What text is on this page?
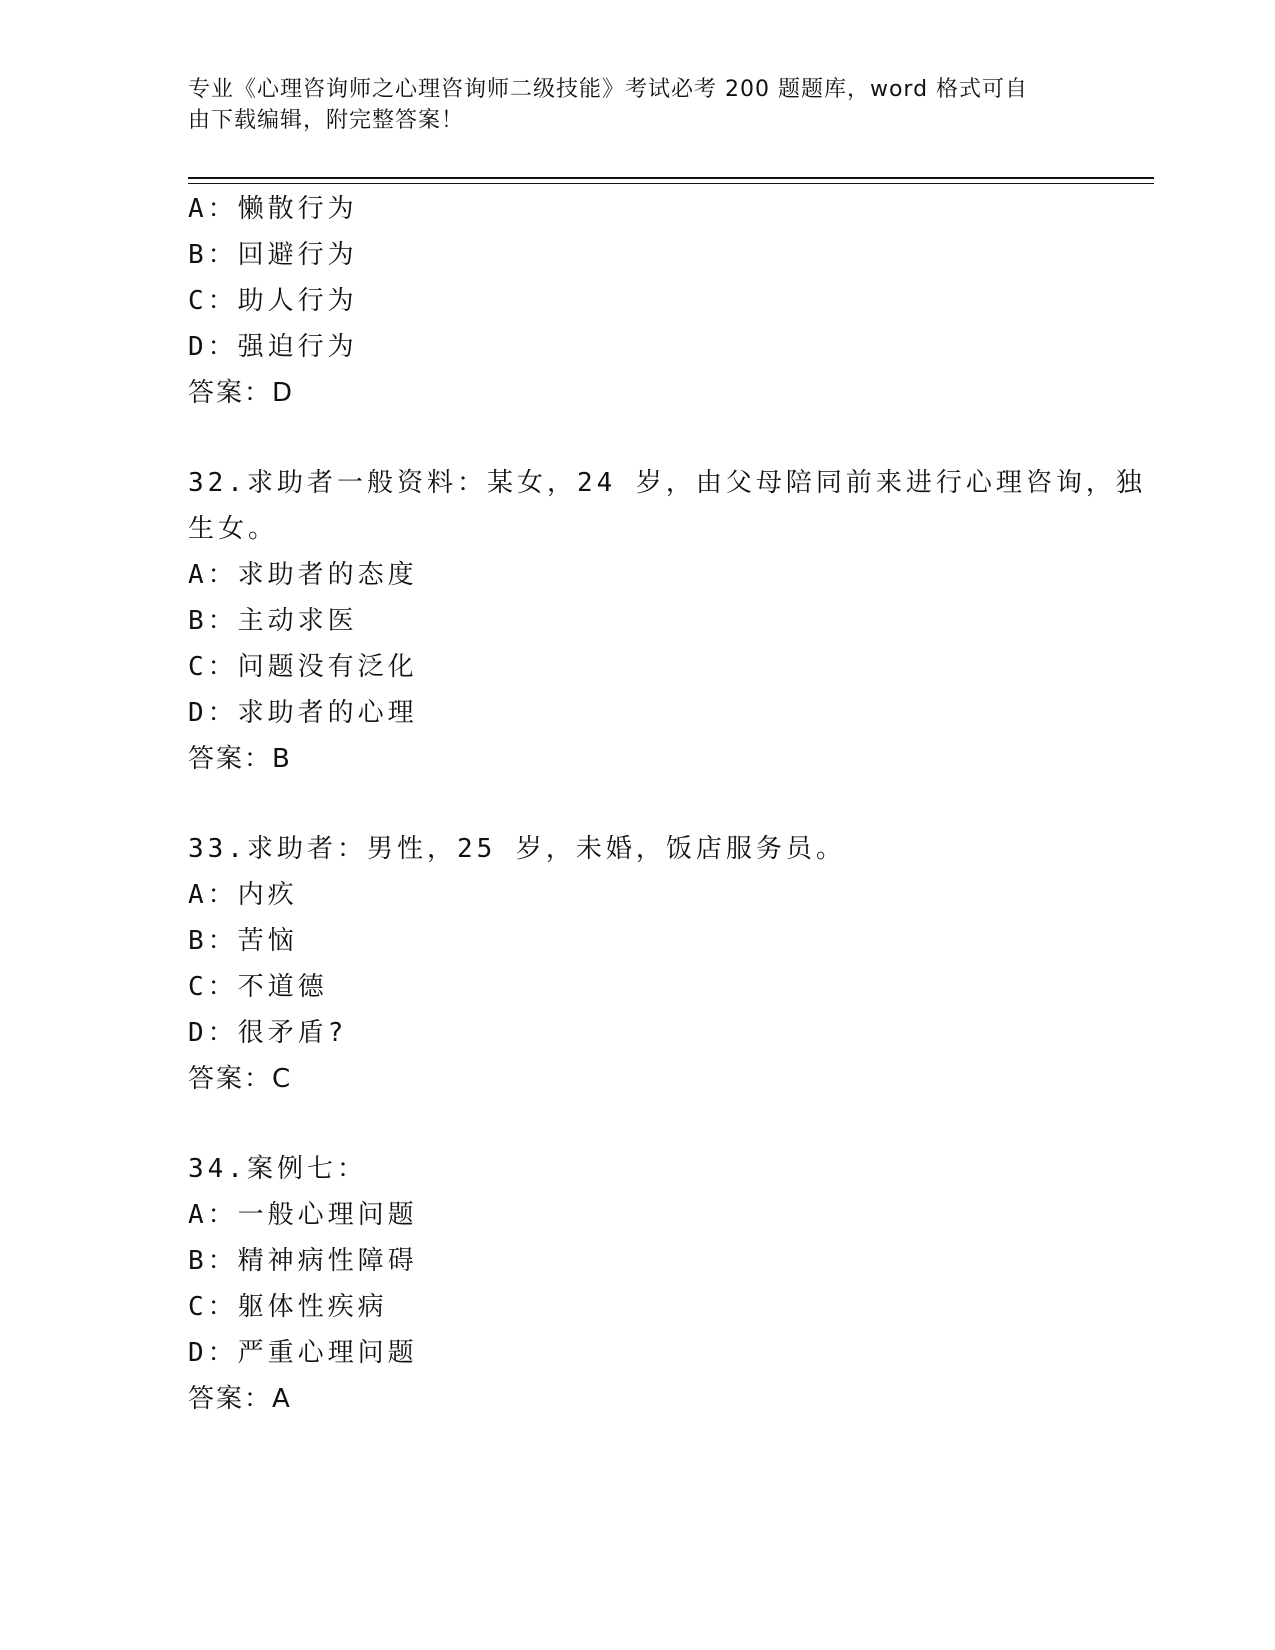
专业《心理咨询师之心理咨询师二级技能》考试必考 200 题题库，word 格式可自
由下载编辑，附完整答案！
A：懒散行为
B：回避行为
C：助人行为
D：强迫行为
答案：D
32.求助者一般资料：某女，24 岁，由父母陪同前来进行心理咨询，独
生女。
A：求助者的态度
B：主动求医
C：问题没有泛化
D：求助者的心理
答案：B
33.求助者：男性，25 岁，未婚，饭店服务员。
A：内疚
B：苦恼
C：不道德
D：很矛盾?
答案：C
34.案例七：
A：一般心理问题
B：精神病性障碍
C：躯体性疾病
D：严重心理问题
答案：A
